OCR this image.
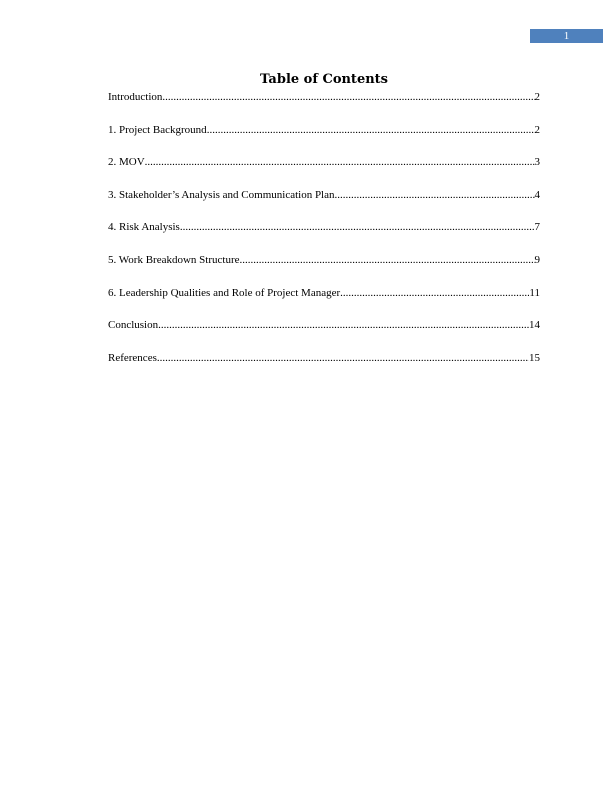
1
Table of Contents
Introduction .....	2
1. Project Background .....	2
2. MOV .....	3
3. Stakeholder’s Analysis and Communication Plan .....	4
4. Risk Analysis .....	7
5. Work Breakdown Structure .....	9
6. Leadership Qualities and Role of Project Manager .....	11
Conclusion .....	14
References .....	15
